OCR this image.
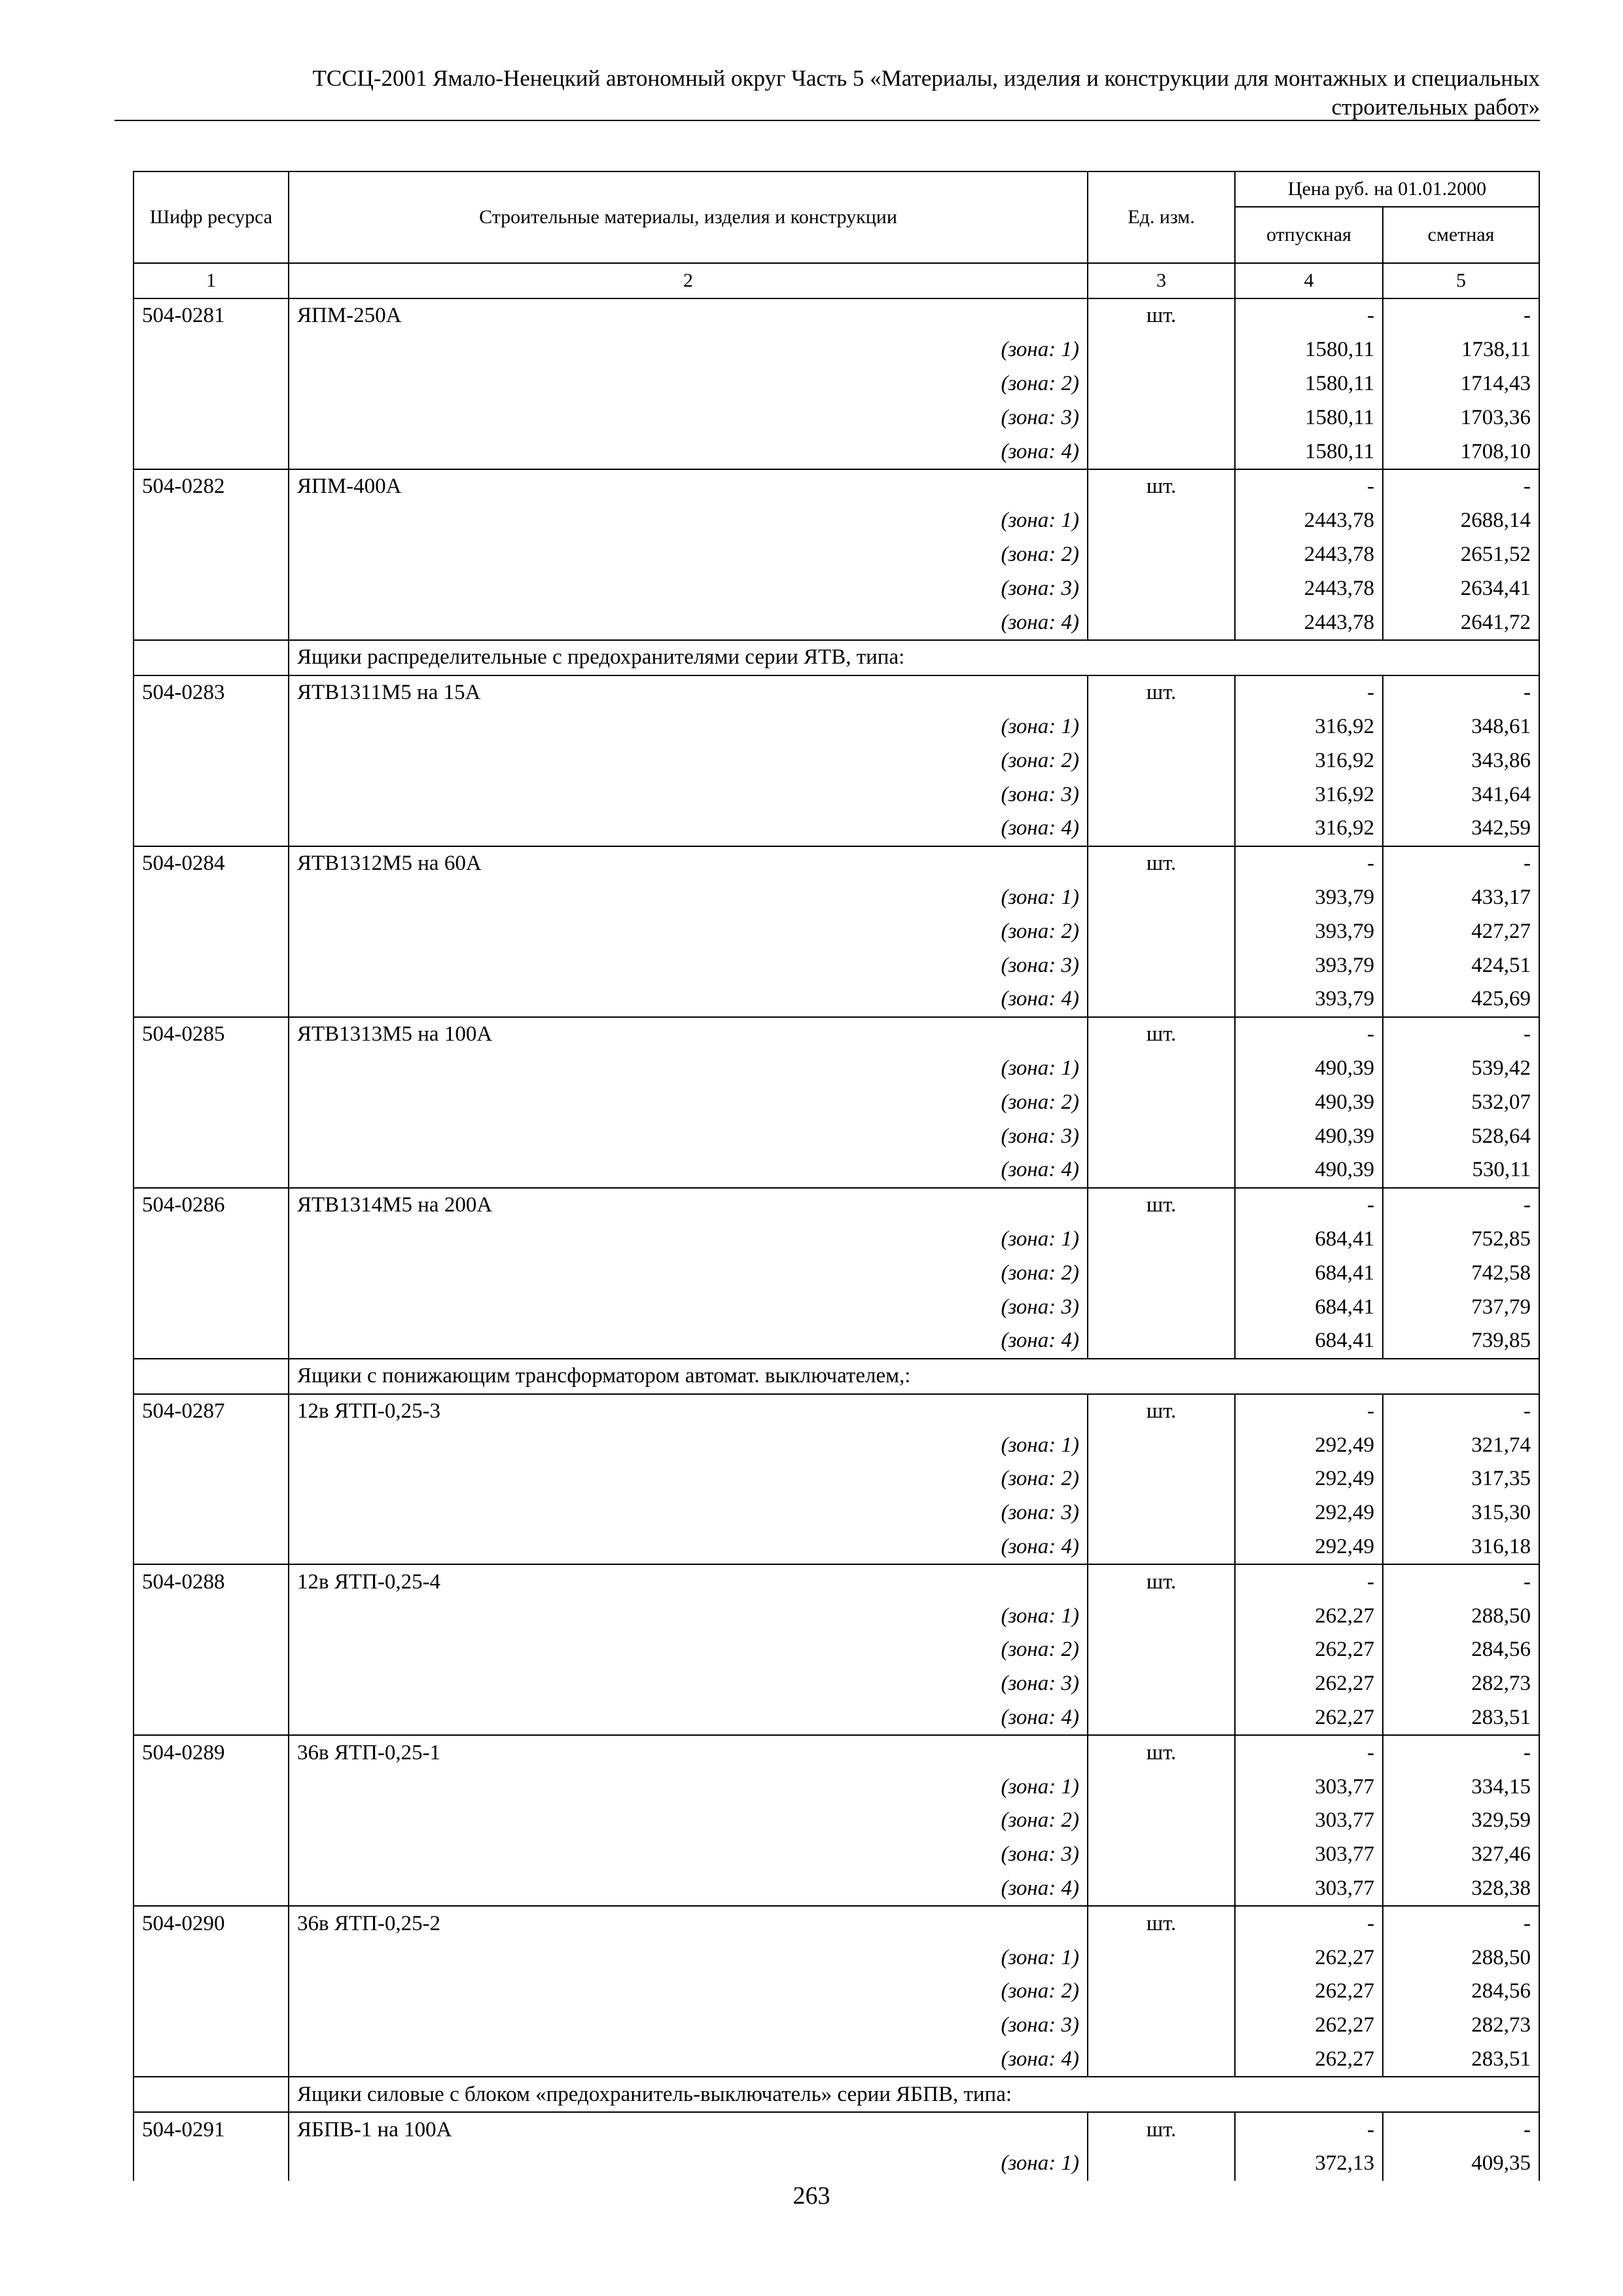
ТССЦ-2001 Ямало-Ненецкий автономный округ Часть 5 «Материалы, изделия и конструкции для монтажных и специальных
строительных работ»
Шифр ресурса	Строительные материалы, изделия и конструкции	Ед. изм.	Цена руб. на 01.01.2000	
			отпускная	сметная
1	2	3	4	5
504-0281	ЯПМ-250А	шт.	-	-
	(зона: 1)		1580,11	1738,11
	(зона: 2)		1580,11	1714,43
	(зона: 3)		1580,11	1703,36
	(зона: 4)		1580,11	1708,10
504-0282	ЯПМ-400А	шт.	-	-
	(зона: 1)		2443,78	2688,14
	(зона: 2)		2443,78	2651,52
	(зона: 3)		2443,78	2634,41
	(зона: 4)		2443,78	2641,72
	Ящики распределительные с предохранителями серии ЯТВ, типа:			
504-0283	ЯТВ1311М5 на 15А	шт.	-	-
	(зона: 1)		316,92	348,61
	(зона: 2)		316,92	343,86
	(зона: 3)		316,92	341,64
	(зона: 4)		316,92	342,59
504-0284	ЯТВ1312М5 на 60А	шт.	-	-
	(зона: 1)		393,79	433,17
	(зона: 2)		393,79	427,27
	(зона: 3)		393,79	424,51
	(зона: 4)		393,79	425,69
504-0285	ЯТВ1313М5 на 100А	шт.	-	-
	(зона: 1)		490,39	539,42
	(зона: 2)		490,39	532,07
	(зона: 3)		490,39	528,64
	(зона: 4)		490,39	530,11
504-0286	ЯТВ1314М5 на 200А	шт.	-	-
	(зона: 1)		684,41	752,85
	(зона: 2)		684,41	742,58
	(зона: 3)		684,41	737,79
	(зона: 4)		684,41	739,85
	Ящики с понижающим трансформатором автомат. выключателем,:			
504-0287	12в ЯТП-0,25-3	шт.	-	-
	(зона: 1)		292,49	321,74
	(зона: 2)		292,49	317,35
	(зона: 3)		292,49	315,30
	(зона: 4)		292,49	316,18
504-0288	12в ЯТП-0,25-4	шт.	-	-
	(зона: 1)		262,27	288,50
	(зона: 2)		262,27	284,56
	(зона: 3)		262,27	282,73
	(зона: 4)		262,27	283,51
504-0289	36в ЯТП-0,25-1	шт.	-	-
	(зона: 1)		303,77	334,15
	(зона: 2)		303,77	329,59
	(зона: 3)		303,77	327,46
	(зона: 4)		303,77	328,38
504-0290	36в ЯТП-0,25-2	шт.	-	-
	(зона: 1)		262,27	288,50
	(зона: 2)		262,27	284,56
	(зона: 3)		262,27	282,73
	(зона: 4)		262,27	283,51
	Ящики силовые с блоком «предохранитель-выключатель» серии ЯБПВ, типа:			
504-0291	ЯБПВ-1 на 100А	шт.	-	-
	(зона: 1)		372,13	409,35
263
